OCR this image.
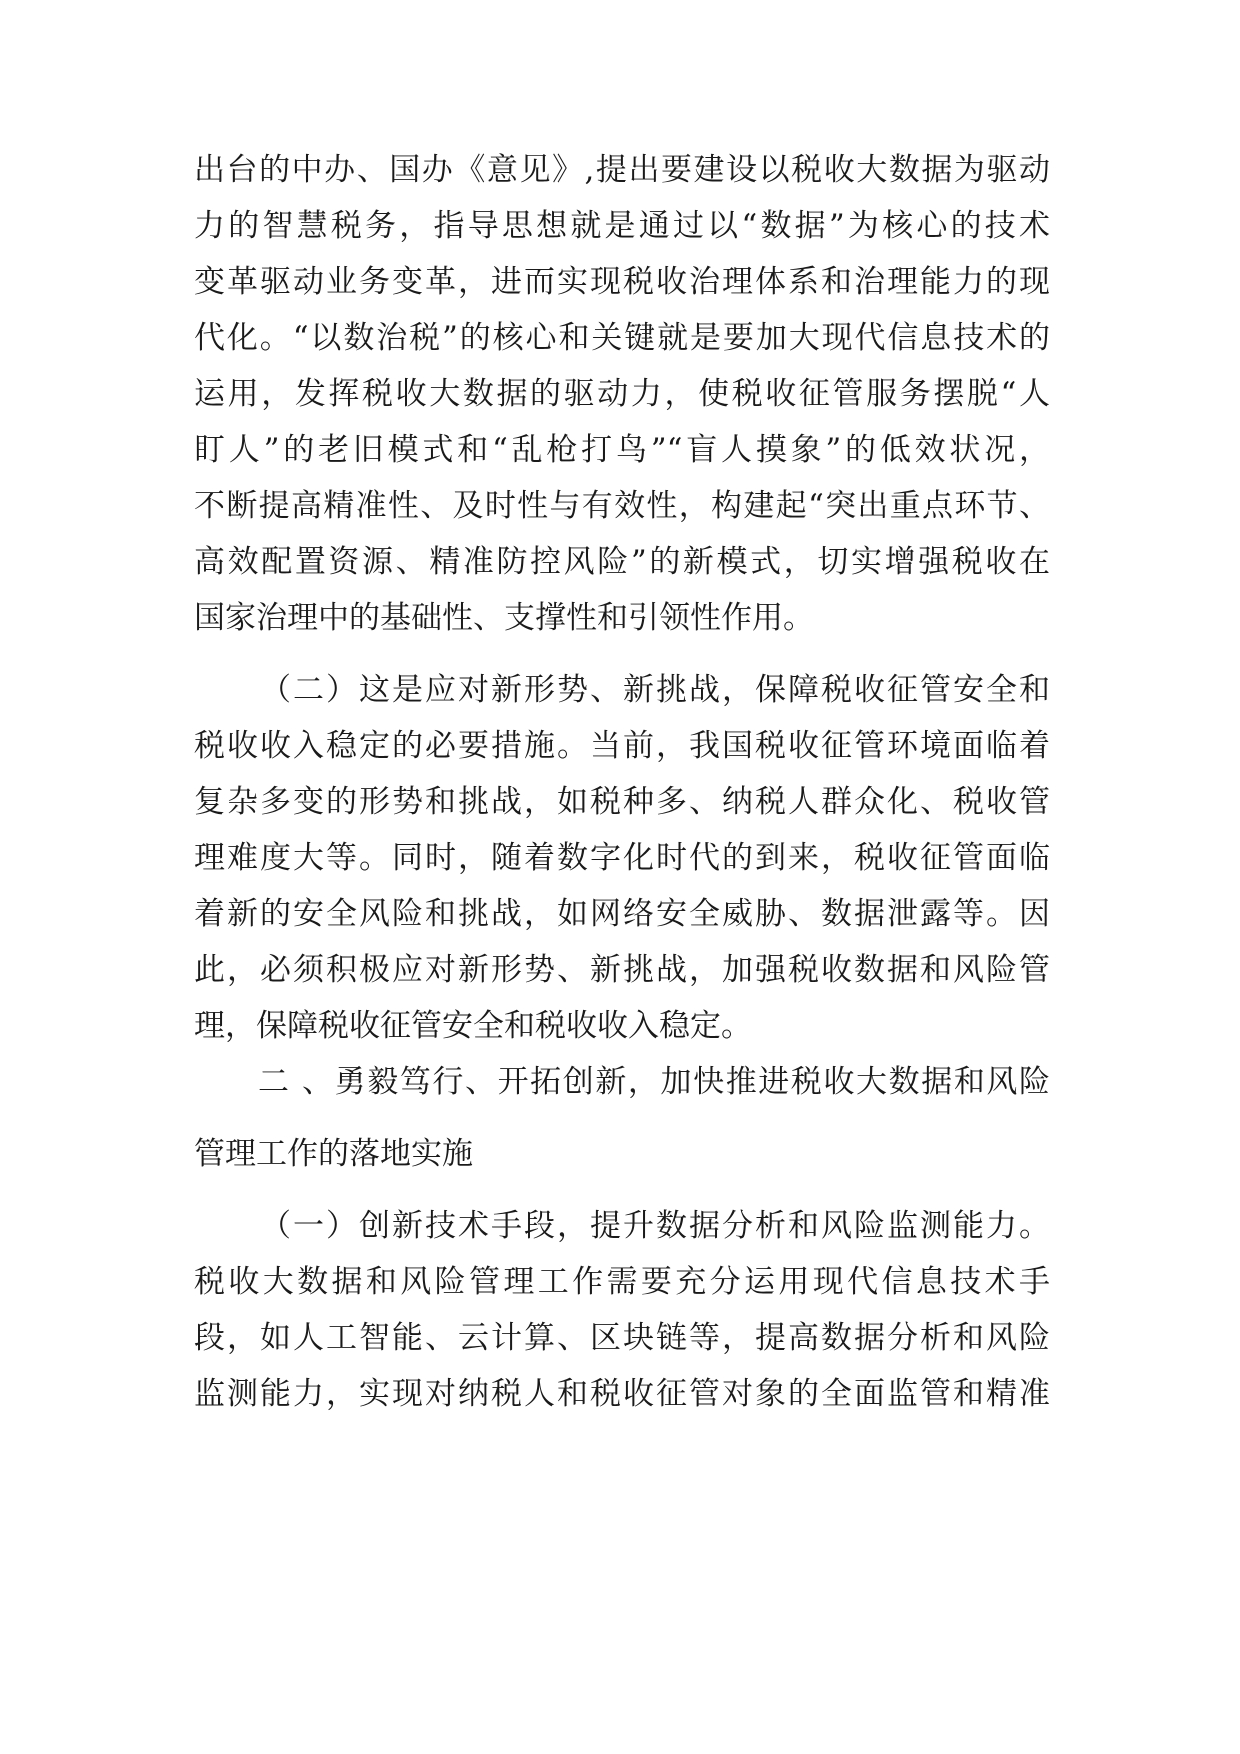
出台的中办、国办《意见》,提出要建设以税收大数据为驱动
力的智慧税务，指导思想就是通过以“数据”为核心的技术
变革驱动业务变革，进而实现税收治理体系和治理能力的现
代化。“以数治税”的核心和关键就是要加大现代信息技术的
运用，发挥税收大数据的驱动力，使税收征管服务摆脱“人
盯人”的老旧模式和“乱枪打鸟”“盲人摸象”的低效状况，
不断提高精准性、及时性与有效性，构建起“突出重点环节、
高效配置资源、精准防控风险”的新模式，切实增强税收在
国家治理中的基础性、支撑性和引领性作用。
（二）这是应对新形势、新挑战，保障税收征管安全和
税收收入稳定的必要措施。当前，我国税收征管环境面临着
复杂多变的形势和挑战，如税种多、纳税人群众化、税收管
理难度大等。同时，随着数字化时代的到来，税收征管面临
着新的安全风险和挑战，如网络安全威胁、数据泄露等。因
此，必须积极应对新形势、新挑战，加强税收数据和风险管
理，保障税收征管安全和税收收入稳定。
二 、勇毅笃行、开拓创新，加快推进税收大数据和风险
管理工作的落地实施
（一）创新技术手段，提升数据分析和风险监测能力。
税收大数据和风险管理工作需要充分运用现代信息技术手
段，如人工智能、云计算、区块链等，提高数据分析和风险
监测能力，实现对纳税人和税收征管对象的全面监管和精准
